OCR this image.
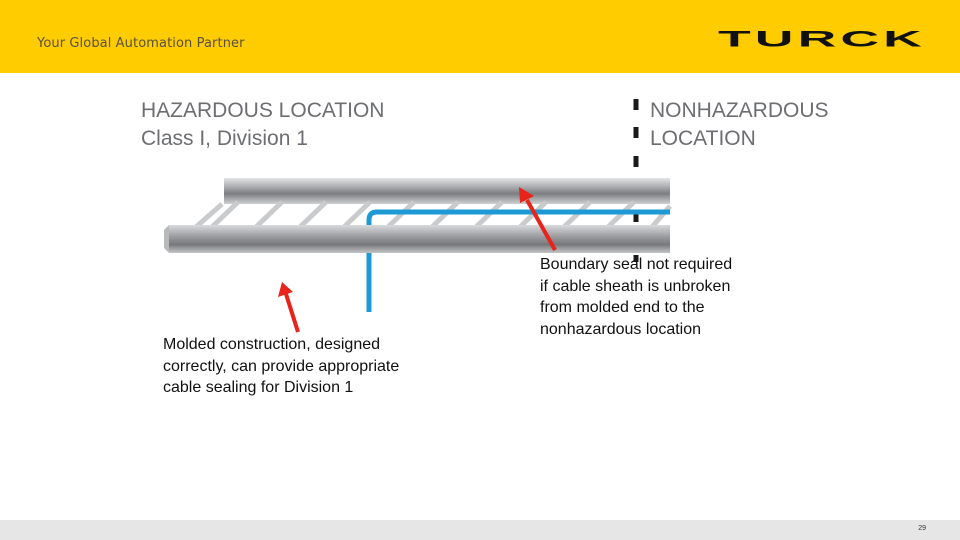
Your Global Automation Partner	TURCK
HAZARDOUS LOCATION
Class I, Division 1
NONHAZARDOUS
LOCATION
Molded construction, designed
correctly, can provide appropriate
cable sealing for Division 1
Boundary seal not required
if cable sheath is unbroken
from molded end to the
nonhazardous location
29
